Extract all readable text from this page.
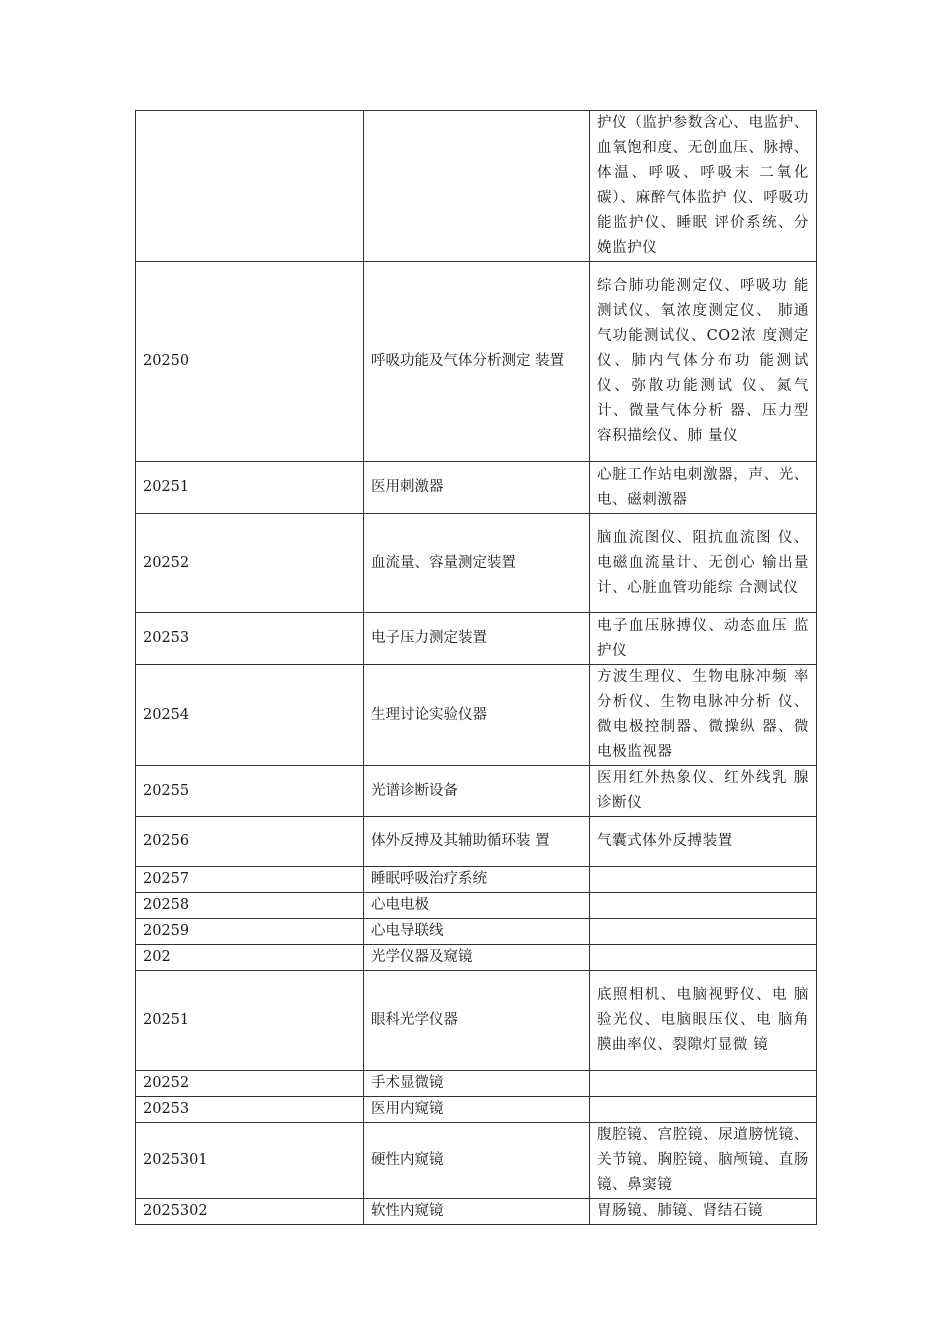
		护仪（监护参数含心、电监护、血氧饱和度、无创血压、脉搏、体温、呼吸、呼吸末 二氧化碳）、麻醉气体监护 仪、呼吸功能监护仪、睡眠 评价系统、分娩监护仪
20250	呼吸功能及气体分析测定 装置	综合肺功能测定仪、呼吸功 能测试仪、氧浓度测定仪、 肺通气功能测试仪、CO2浓 度测定仪、肺内气体分布功 能测试仪、弥散功能测试 仪、氮气计、微量气体分析 器、压力型容积描绘仪、肺 量仪
20251	医用刺激器	心脏工作站电刺激器，声、光、电、磁刺激器
20252	血流量、容量测定装置	脑血流图仪、阻抗血流图 仪、电磁血流量计、无创心 输出量计、心脏血管功能综 合测试仪
20253	电子压力测定装置	电子血压脉搏仪、动态血压 监护仪
20254	生理讨论实验仪器	方波生理仪、生物电脉冲频 率分析仪、生物电脉冲分析 仪、微电极控制器、微操纵 器、微电极监视器
20255	光谱诊断设备	医用红外热象仪、红外线乳 腺诊断仪
20256	体外反搏及其辅助循环装 置	气囊式体外反搏装置
20257	睡眠呼吸治疗系统	
20258	心电电极	
20259	心电导联线	
202	光学仪器及窥镜	
20251	眼科光学仪器	底照相机、电脑视野仪、电 脑验光仪、电脑眼压仪、电 脑角膜曲率仪、裂隙灯显微 镜
20252	手术显微镜	
20253	医用内窥镜	
2025301	硬性内窥镜	腹腔镜、宫腔镜、尿道膀恍镜、关节镜、胸腔镜、脑颅镜、直肠镜、鼻窦镜
2025302	软性内窥镜	胃肠镜、肺镜、肾结石镜
